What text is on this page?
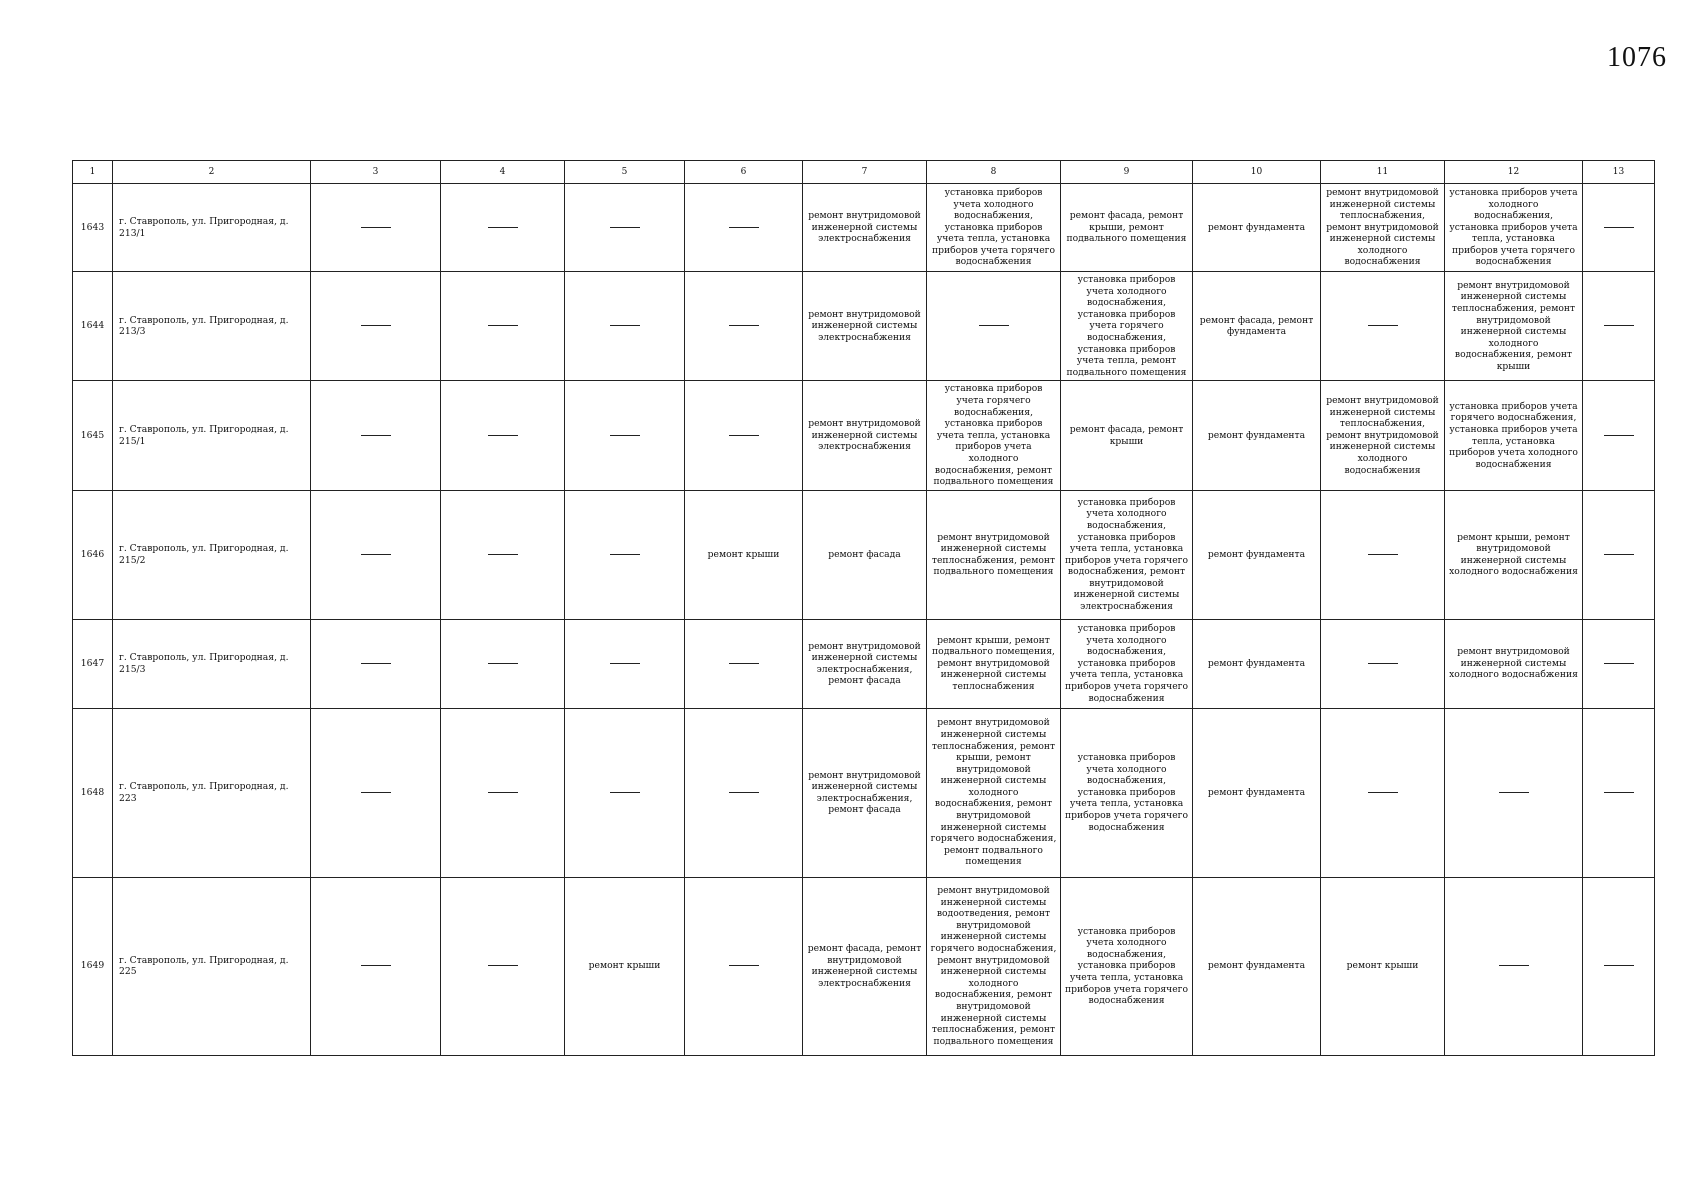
1076
1	2	3	4	5	6	7	8	9	10	11	12	13
1643	г. Ставрополь, ул. Пригородная, д. 213/1					ремонт внутридомовой инженерной системы электроснабжения	установка приборов учета холодного водоснабжения, установка приборов учета тепла, установка приборов учета горячего водоснабжения	ремонт фасада, ремонт крыши, ремонт подвального помещения	ремонт фундамента	ремонт внутридомовой инженерной системы теплоснабжения, ремонт внутридомовой инженерной системы холодного водоснабжения	установка приборов учета холодного водоснабжения, установка приборов учета тепла, установка приборов учета горячего водоснабжения	
1644	г. Ставрополь, ул. Пригородная, д. 213/3					ремонт внутридомовой инженерной системы электроснабжения		установка приборов учета холодного водоснабжения, установка приборов учета горячего водоснабжения, установка приборов учета тепла, ремонт подвального помещения	ремонт фасада, ремонт фундамента		ремонт внутридомовой инженерной системы теплоснабжения, ремонт внутридомовой инженерной системы холодного водоснабжения, ремонт крыши	
1645	г. Ставрополь, ул. Пригородная, д. 215/1					ремонт внутридомовой инженерной системы электроснабжения	установка приборов учета горячего водоснабжения, установка приборов учета тепла, установка приборов учета холодного водоснабжения, ремонт подвального помещения	ремонт фасада, ремонт крыши	ремонт фундамента	ремонт внутридомовой инженерной системы теплоснабжения, ремонт внутридомовой инженерной системы холодного водоснабжения	установка приборов учета горячего водоснабжения, установка приборов учета тепла, установка приборов учета холодного водоснабжения	
1646	г. Ставрополь, ул. Пригородная, д. 215/2				ремонт крыши	ремонт фасада	ремонт внутридомовой инженерной системы теплоснабжения, ремонт подвального помещения	установка приборов учета холодного водоснабжения, установка приборов учета тепла, установка приборов учета горячего водоснабжения, ремонт внутридомовой инженерной системы электроснабжения	ремонт фундамента		ремонт крыши, ремонт внутридомовой инженерной системы холодного водоснабжения	
1647	г. Ставрополь, ул. Пригородная, д. 215/3					ремонт внутридомовой инженерной системы электроснабжения, ремонт фасада	ремонт крыши, ремонт подвального помещения, ремонт внутридомовой инженерной системы теплоснабжения	установка приборов учета холодного водоснабжения, установка приборов учета тепла, установка приборов учета горячего водоснабжения	ремонт фундамента		ремонт внутридомовой инженерной системы холодного водоснабжения	
1648	г. Ставрополь, ул. Пригородная, д. 223					ремонт внутридомовой инженерной системы электроснабжения, ремонт фасада	ремонт внутридомовой инженерной системы теплоснабжения, ремонт крыши, ремонт внутридомовой инженерной системы холодного водоснабжения, ремонт внутридомовой инженерной системы горячего водоснабжения, ремонт подвального помещения	установка приборов учета холодного водоснабжения, установка приборов учета тепла, установка приборов учета горячего водоснабжения	ремонт фундамента			
1649	г. Ставрополь, ул. Пригородная, д. 225			ремонт крыши		ремонт фасада, ремонт внутридомовой инженерной системы электроснабжения	ремонт внутридомовой инженерной системы водоотведения, ремонт внутридомовой инженерной системы горячего водоснабжения, ремонт внутридомовой инженерной системы холодного водоснабжения, ремонт внутридомовой инженерной системы теплоснабжения, ремонт подвального помещения	установка приборов учета холодного водоснабжения, установка приборов учета тепла, установка приборов учета горячего водоснабжения	ремонт фундамента	ремонт крыши		
